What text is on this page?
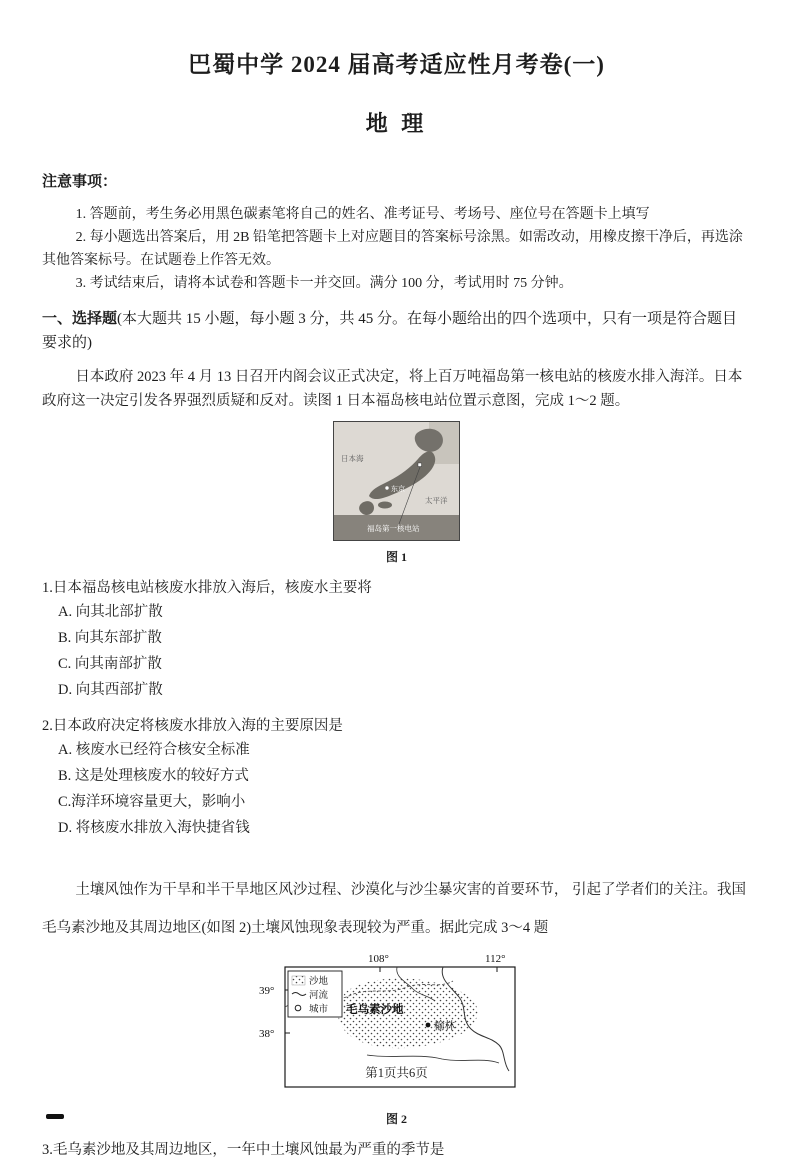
巴蜀中学 2024 届高考适应性月考卷(一)
地 理
注意事项：

1. 答题前，考生务必用黑色碳素笔将自己的姓名、准考证号、考场号、座位号在答题卡上填写

2. 每小题选出答案后，用 2B 铅笔把答题卡上对应题目的答案标号涂黑。如需改动，用橡皮擦干净后，再选涂其他答案标号。在试题卷上作答无效。

3. 考试结束后，请将本试卷和答题卡一并交回。满分 100 分，考试用时 75 分钟。

一、选择题(本大题共 15 小题，每小题 3 分，共 45 分。在每小题给出的四个选项中，只有一项是符合题目要求的)

日本政府 2023 年 4 月 13 日召开内阁会议正式决定，将上百万吨福岛第一核电站的核废水排入海洋。日本政府这一决定引发各界强烈质疑和反对。读图 1 日本福岛核电站位置示意图，完成 1～2 题。

日本海
太平洋
东京
福岛第一核电站
图 1

1.日本福岛核电站核废水排放入海后，核废水主要将

A. 向其北部扩散

B. 向其东部扩散

C. 向其南部扩散

D. 向其西部扩散

2.日本政府决定将核废水排放入海的主要原因是

A. 核废水已经符合核安全标准

B. 这是处理核废水的较好方式

C.海洋环境容量更大，影响小

D. 将核废水排放入海快捷省钱

土壤风蚀作为干旱和半干旱地区风沙过程、沙漠化与沙尘暴灾害的首要环节， 引起了学者们的关注。我国毛乌素沙地及其周边地区(如图 2)土壤风蚀现象表现较为严重。据此完成 3～4 题

108°	112°
39°
38°
沙地
河流
城市 毛乌素沙地
榆林
图 2

3.毛乌素沙地及其周边地区，一年中土壤风蚀最为严重的季节是

第1页共6页
